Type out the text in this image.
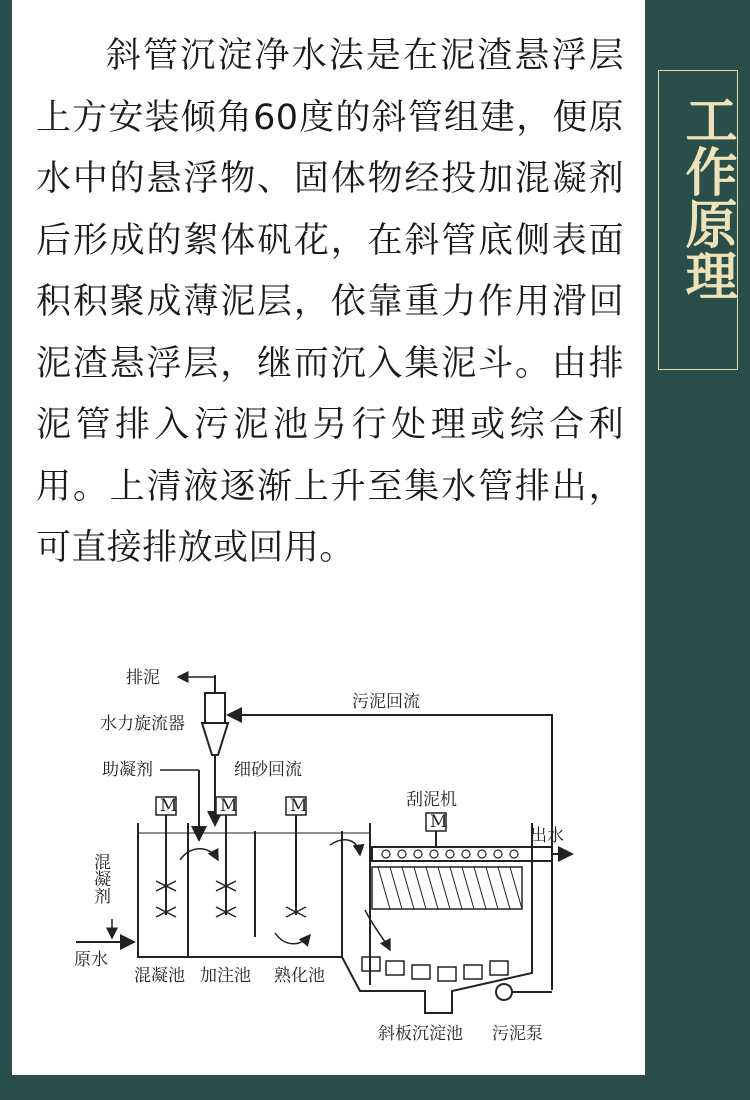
斜管沉淀净水法是在泥渣悬浮层上方安装倾角60度的斜管组建，便原水中的悬浮物、固体物经投加混凝剂后形成的絮体矾花，在斜管底侧表面积积聚成薄泥层，依靠重力作用滑回泥渣悬浮层，继而沉入集泥斗。由排泥管排入污泥池另行处理或综合利用。上清液逐渐上升至集水管排出，可直接排放或回用。

工作原理
M	M	M
M
排泥
水力旋流器
助凝剂	细砂回流
污泥回流
刮泥机
出水
混凝剂
原水
混凝池 加注池 熟化池
斜板沉淀池 污泥泵
